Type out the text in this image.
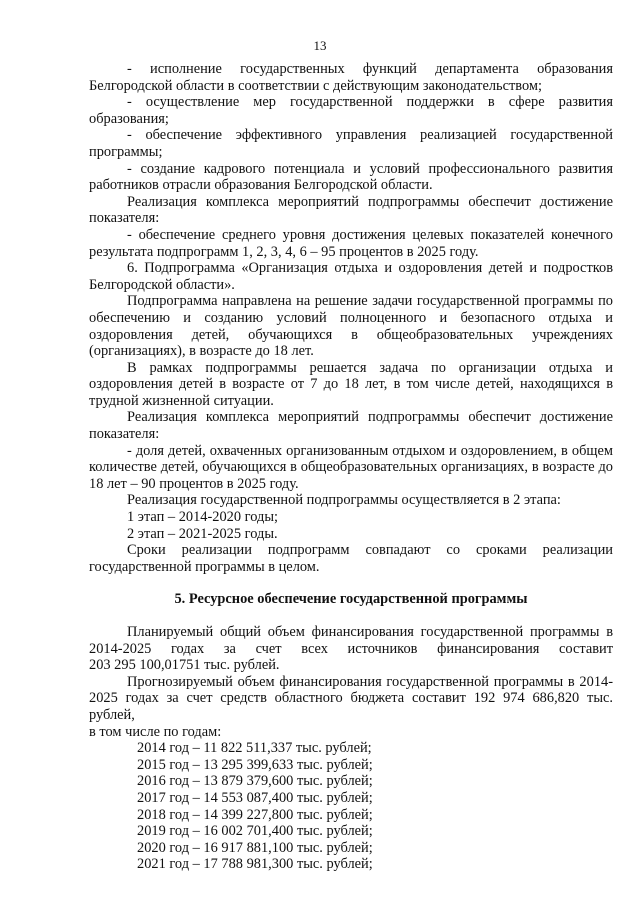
13

- исполнение государственных функций департамента образования

Белгородской области в соответствии с действующим законодательством;

- осуществление мер государственной поддержки в сфере развития

образования;

- обеспечение эффективного управления реализацией государственной

программы;

- создание кадрового потенциала и условий профессионального развития

работников отрасли образования Белгородской области.

Реализация комплекса мероприятий подпрограммы обеспечит достижение

показателя:

- обеспечение среднего уровня достижения целевых показателей конечного

результата подпрограмм 1, 2, 3, 4, 6 – 95 процентов в 2025 году.

6. Подпрограмма «Организация отдыха и оздоровления детей и подростков

Белгородской области».

Подпрограмма направлена на решение задачи государственной программы по

обеспечению и созданию условий полноценного и безопасного отдыха и

оздоровления детей, обучающихся в общеобразовательных учреждениях

(организациях), в возрасте до 18 лет.

В рамках подпрограммы решается задача по организации отдыха и

оздоровления детей в возрасте от 7 до 18 лет, в том числе детей, находящихся в

трудной жизненной ситуации.

Реализация комплекса мероприятий подпрограммы обеспечит достижение

показателя:

- доля детей, охваченных организованным отдыхом и оздоровлением, в общем

количестве детей, обучающихся в общеобразовательных организациях, в возрасте до

18 лет – 90 процентов в 2025 году.

Реализация государственной подпрограммы осуществляется в 2 этапа:

1 этап – 2014-2020 годы;

2 этап – 2021-2025 годы.

Сроки реализации подпрограмм совпадают со сроками реализации

государственной программы в целом.

5. Ресурсное обеспечение государственной программы

Планируемый общий объем финансирования государственной программы в

2014-2025 годах за счет всех источников финансирования составит

203 295 100,01751 тыс. рублей.

Прогнозируемый объем финансирования государственной программы в 2014-

2025 годах за счет средств областного бюджета составит 192 974 686,820 тыс. рублей,

в том числе по годам:

2014 год – 11 822 511,337 тыс. рублей;

2015 год – 13 295 399,633 тыс. рублей;

2016 год – 13 879 379,600 тыс. рублей;

2017 год – 14 553 087,400 тыс. рублей;

2018 год – 14 399 227,800 тыс. рублей;

2019 год – 16 002 701,400 тыс. рублей;

2020 год – 16 917 881,100 тыс. рублей;

2021 год – 17 788 981,300 тыс. рублей;
